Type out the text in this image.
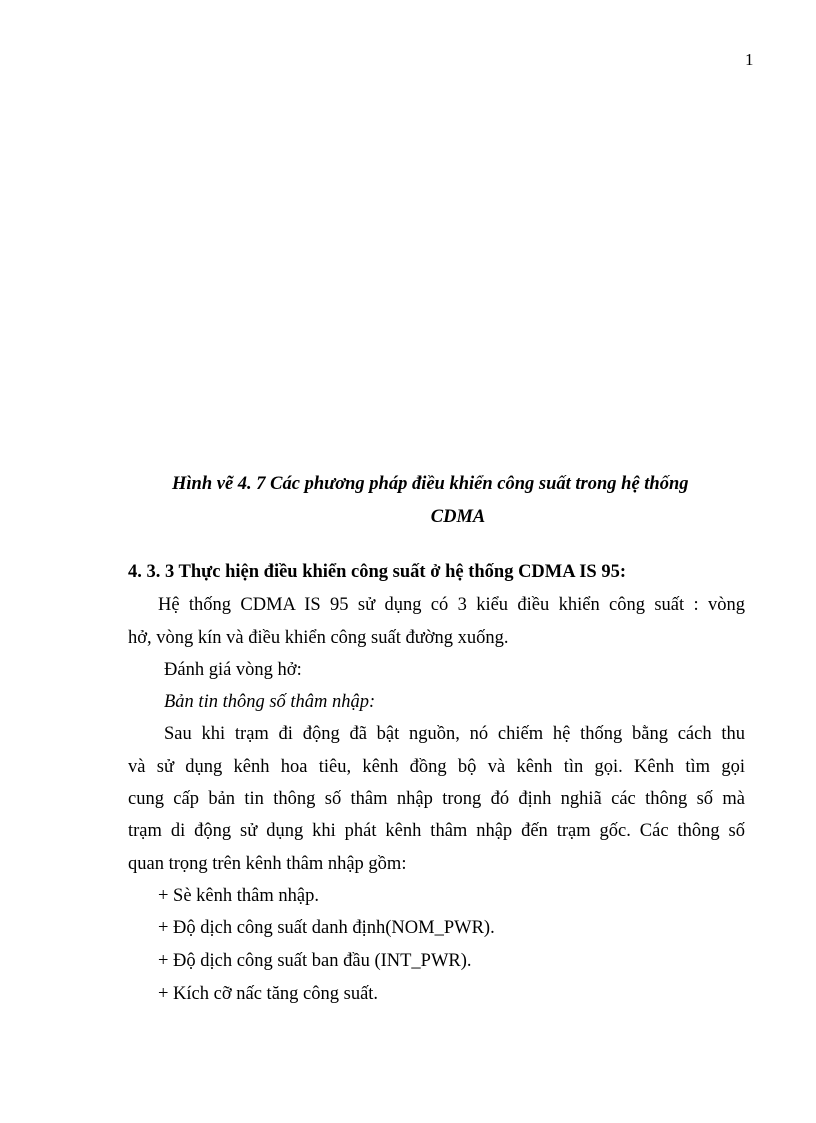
1
Hình vẽ 4. 7 Các phương pháp điều khiển công suất trong hệ thống
CDMA
4. 3. 3 Thực hiện điều khiển công suất ở hệ thống CDMA IS 95:
Hệ thống CDMA IS 95 sử dụng có 3 kiểu điều khiển công suất : vòng
hở, vòng kín và điều khiển công suất đường xuống.
Đánh giá vòng hở:
Bản tin thông số thâm nhập:
Sau khi trạm đi động đã bật nguồn, nó chiếm hệ thống bằng cách thu
và sử dụng kênh hoa tiêu, kênh đồng bộ và kênh tìn gọi. Kênh tìm gọi
cung cấp bản tin thông số thâm nhập trong đó định nghiã các thông số mà
trạm di động sử dụng khi phát kênh thâm nhập đến trạm gốc. Các thông số
quan trọng trên kênh thâm nhập gồm:
+ Sè kênh thâm nhập.
+ Độ dịch công suất danh định(NOM_PWR).
+ Độ dịch công suất ban đầu (INT_PWR).
+ Kích cỡ nấc tăng công suất.
